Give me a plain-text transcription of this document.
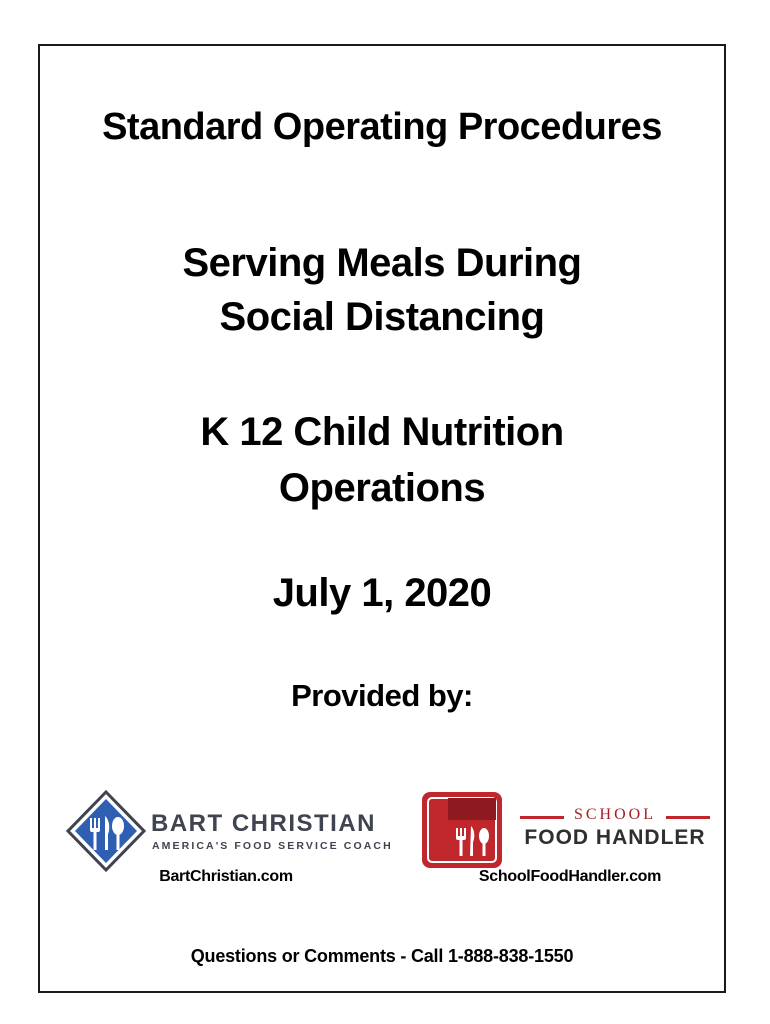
Standard Operating Procedures
Serving Meals During
Social Distancing
K 12 Child Nutrition
Operations
July 1, 2020
Provided by:
BART CHRISTIAN
AMERICA'S FOOD SERVICE COACH
SCHOOL
FOOD HANDLER
BartChristian.com	SchoolFoodHandler.com
Questions or Comments - Call 1-888-838-1550
